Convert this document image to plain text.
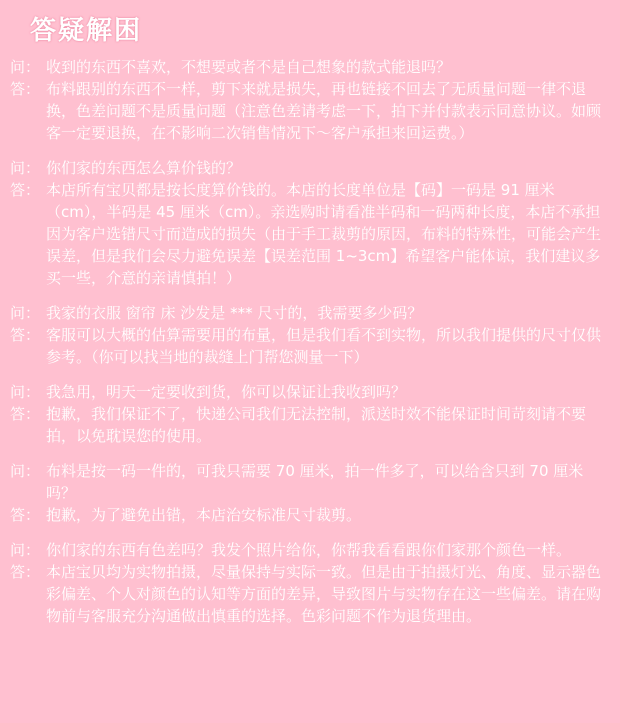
答疑解困
问： 收到的东西不喜欢，不想要或者不是自己想象的款式能退吗？
答： 布料跟别的东西不一样，剪下来就是损失，再也链接不回去了无质量问题一律不退换，色差问题不是质量问题（注意色差请考虑一下，拍下并付款表示同意协议。如顾客一定要退换，在不影响二次销售情况下～客户承担来回运费。）
问： 你们家的东西怎么算价钱的？
答： 本店所有宝贝都是按长度算价钱的。本店的长度单位是【码】一码是 91 厘米（cm），半码是 45 厘米（cm）。亲选购时请看准半码和一码两种长度，本店不承担因为客户选错尺寸而造成的损失（由于手工裁剪的原因，布料的特殊性，可能会产生误差，但是我们会尽力避免误差【误差范围 1~3cm】希望客户能体谅，我们建议多买一些，介意的亲请慎拍！）
问： 我家的衣服 窗帘 床 沙发是 *** 尺寸的，我需要多少码？
答： 客服可以大概的估算需要用的布量，但是我们看不到实物，所以我们提供的尺寸仅供参考。（你可以找当地的裁缝上门帮您测量一下）
问： 我急用，明天一定要收到货，你可以保证让我收到吗？
答： 抱歉，我们保证不了，快递公司我们无法控制，派送时效不能保证时间苛刻请不要拍，以免耽误您的使用。
问： 布料是按一码一件的，可我只需要 70 厘米，拍一件多了，可以给含只到 70 厘米吗？
答： 抱歉，为了避免出错，本店治安标准尺寸裁剪。
问： 你们家的东西有色差吗？我发个照片给你，你帮我看看跟你们家那个颜色一样。
答： 本店宝贝均为实物拍摄，尽量保持与实际一致。但是由于拍摄灯光、角度、显示器色彩偏差、个人对颜色的认知等方面的差异，导致图片与实物存在这一些偏差。请在购物前与客服充分沟通做出慎重的选择。色彩问题不作为退货理由。
